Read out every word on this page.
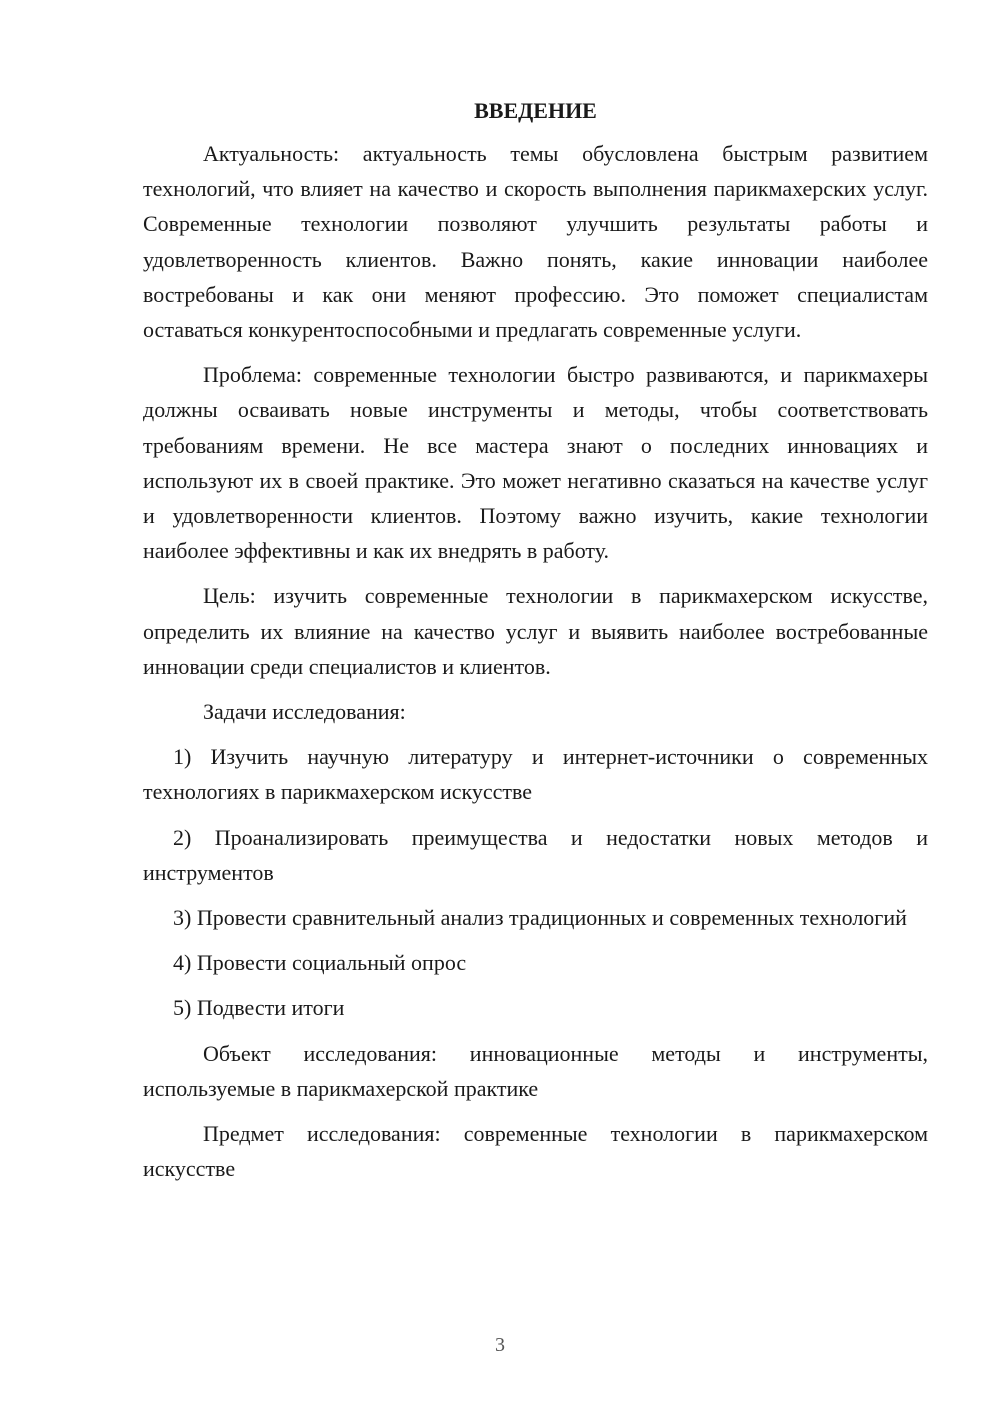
ВВЕДЕНИЕ
Актуальность: актуальность темы обусловлена быстрым развитием технологий, что влияет на качество и скорость выполнения парикмахерских услуг. Современные технологии позволяют улучшить результаты работы и удовлетворенность клиентов. Важно понять, какие инновации наиболее востребованы и как они меняют профессию. Это поможет специалистам оставаться конкурентоспособными и предлагать современные услуги.
Проблема: современные технологии быстро развиваются, и парикмахеры должны осваивать новые инструменты и методы, чтобы соответствовать требованиям времени. Не все мастера знают о последних инновациях и используют их в своей практике. Это может негативно сказаться на качестве услуг и удовлетворенности клиентов. Поэтому важно изучить, какие технологии наиболее эффективны и как их внедрять в работу.
Цель: изучить современные технологии в парикмахерском искусстве, определить их влияние на качество услуг и выявить наиболее востребованные инновации среди специалистов и клиентов.
Задачи исследования:
1) Изучить научную литературу и интернет-источники о современных технологиях в парикмахерском искусстве
2) Проанализировать преимущества и недостатки новых методов и инструментов
3) Провести сравнительный анализ традиционных и современных технологий
4) Провести социальный опрос
5) Подвести итоги
Объект исследования: инновационные методы и инструменты, используемые в парикмахерской практике
Предмет исследования: современные технологии в парикмахерском искусстве
3
